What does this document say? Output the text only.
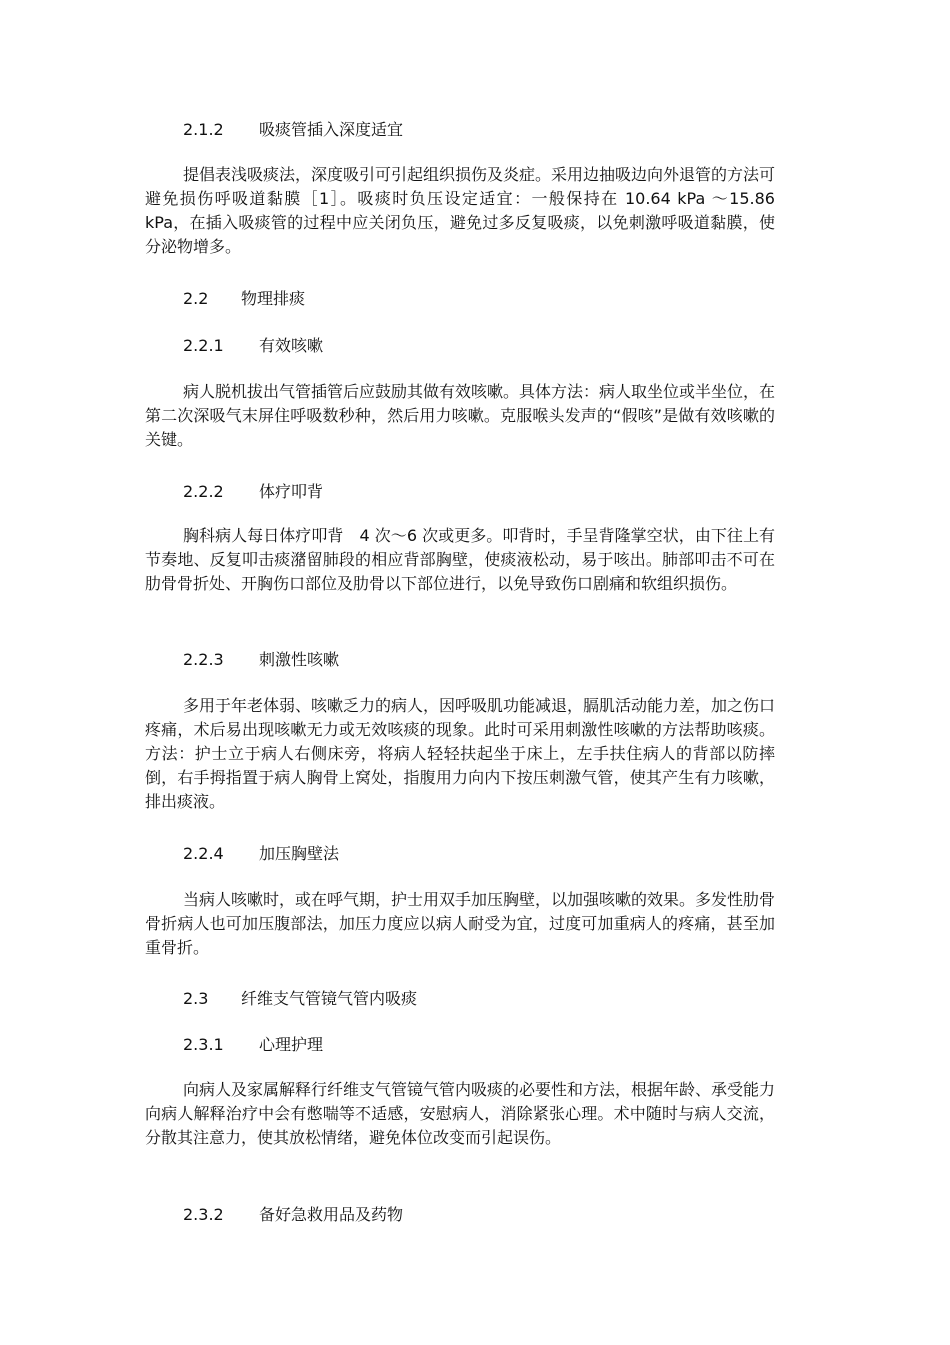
2.1.2 吸痰管插入深度适宜
提倡表浅吸痰法，深度吸引可引起组织损伤及炎症。采用边抽吸边向外退管的方法可避免损伤呼吸道黏膜［1］。吸痰时负压设定适宜：一般保持在 10.64 kPa ～15.86 kPa，在插入吸痰管的过程中应关闭负压，避免过多反复吸痰，以免刺激呼吸道黏膜，使分泌物增多。
2.2 物理排痰
2.2.1 有效咳嗽
病人脱机拔出气管插管后应鼓励其做有效咳嗽。具体方法：病人取坐位或半坐位，在第二次深吸气末屏住呼吸数秒种，然后用力咳嗽。克服喉头发声的“假咳”是做有效咳嗽的关键。
2.2.2 体疗叩背
胸科病人每日体疗叩背　4 次～6 次或更多。叩背时，手呈背隆掌空状，由下往上有节奏地、反复叩击痰潴留肺段的相应背部胸壁，使痰液松动，易于咳出。肺部叩击不可在肋骨骨折处、开胸伤口部位及肋骨以下部位进行，以免导致伤口剧痛和软组织损伤。
2.2.3 刺激性咳嗽
多用于年老体弱、咳嗽乏力的病人，因呼吸肌功能减退，膈肌活动能力差，加之伤口疼痛，术后易出现咳嗽无力或无效咳痰的现象。此时可采用刺激性咳嗽的方法帮助咳痰。方法：护士立于病人右侧床旁，将病人轻轻扶起坐于床上，左手扶住病人的背部以防摔倒，右手拇指置于病人胸骨上窝处，指腹用力向内下按压刺激气管，使其产生有力咳嗽，排出痰液。
2.2.4 加压胸壁法
当病人咳嗽时，或在呼气期，护士用双手加压胸壁，以加强咳嗽的效果。多发性肋骨骨折病人也可加压腹部法，加压力度应以病人耐受为宜，过度可加重病人的疼痛，甚至加重骨折。
2.3 纤维支气管镜气管内吸痰
2.3.1 心理护理
向病人及家属解释行纤维支气管镜气管内吸痰的必要性和方法，根据年龄、承受能力向病人解释治疗中会有憋喘等不适感，安慰病人，消除紧张心理。术中随时与病人交流，分散其注意力，使其放松情绪，避免体位改变而引起误伤。
2.3.2 备好急救用品及药物
